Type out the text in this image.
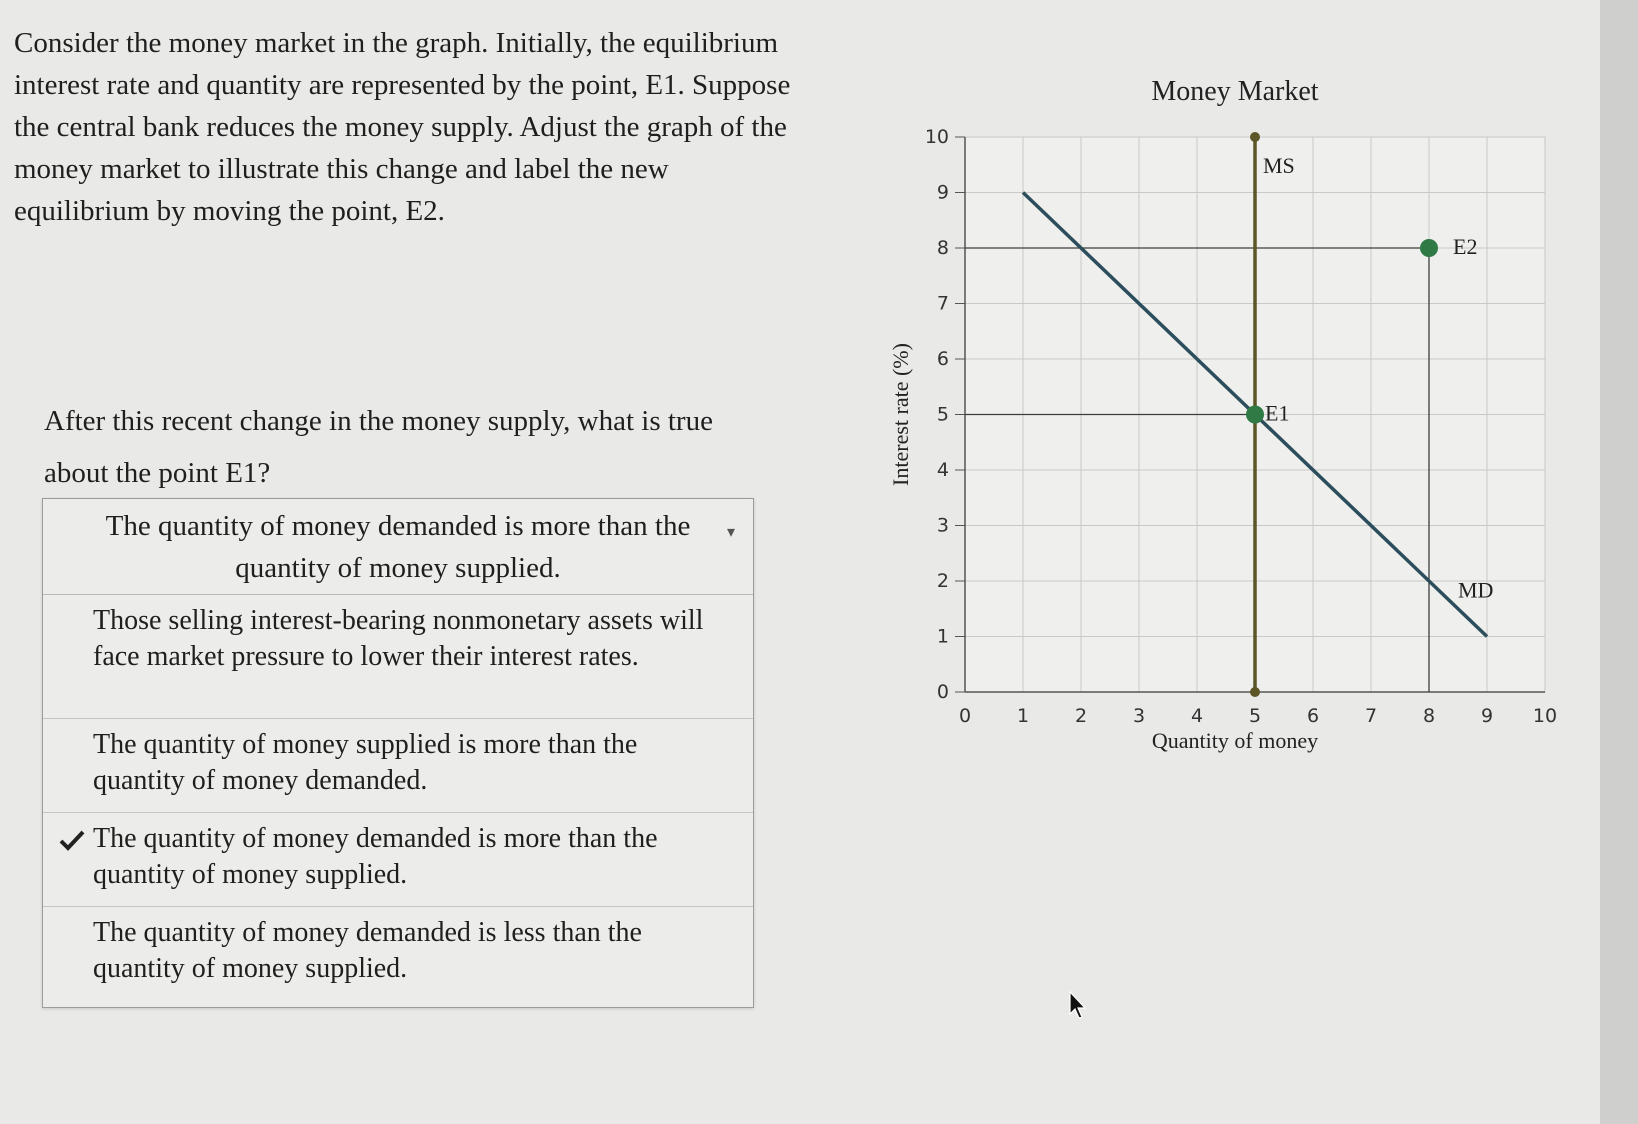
Consider the money market in the graph. Initially, the equilibrium interest rate and quantity are represented by the point, E1. Suppose the central bank reduces the money supply. Adjust the graph of the money market to illustrate this change and label the new equilibrium by moving the point, E2.
After this recent change in the money supply, what is true about the point E1?
The quantity of money demanded is more than the quantity of money supplied.
▾
Those selling interest-bearing nonmonetary assets will face market pressure to lower their interest rates.
The quantity of money supplied is more than the quantity of money demanded.
The quantity of money demanded is more than the quantity of money supplied.
The quantity of money demanded is less than the quantity of money supplied.
0 1 2 3 4 5 6 7 8 9 10
0
1
2
3
4
5
6
7
8
9
10
Money Market
Quantity of money
Interest rate (%)
MD
MS
E1
E2
